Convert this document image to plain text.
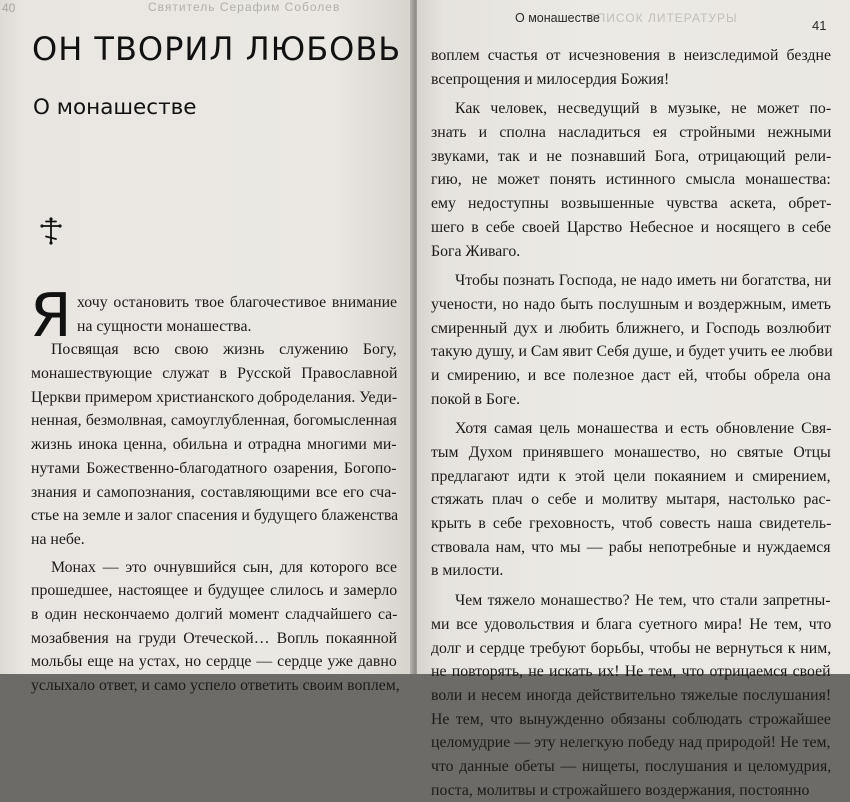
40	Святитель Серафим Соболев
ОН ТВОРИЛ ЛЮБОВЬ
О монашестве
Я хочу остановить твое благочестивое внимание
на сущности монашества.
Посвящая всю свою жизнь служению Богу,
монашествующие служат в Русской Православной
Церкви примером христианского доброделания. Уеди-
ненная, безмолвная, самоуглубленная, богомысленная
жизнь инока ценна, обильна и отрадна многими ми-
нутами Божественно-благодатного озарения, Богопо-
знания и самопознания, составляющими все его сча-
стье на земле и залог спасения и будущего блаженства
на небе.
Монах — это очнувшийся сын, для которого все
прошедшее, настоящее и будущее слилось и замерло
в один нескончаемо долгий момент сладчайшего са-
мозабвения на груди Отеческой… Вопль покаянной
мольбы еще на устах, но сердце — сердце уже давно
услыхало ответ, и само успело ответить своим воплем,

СПИСОК ЛИТЕРАТУРЫ
О монашестве	41

воплем счастья от исчезновения в неизследимой бездне
всепрощения и милосердия Божия!
Как человек, несведущий в музыке, не может по-
знать и сполна насладиться ея стройными нежными
звуками, так и не познавший Бога, отрицающий рели-
гию, не может понять истинного смысла монашества:
ему недоступны возвышенные чувства аскета, обрет-
шего в себе своей Царство Небесное и носящего в себе
Бога Живаго.
Чтобы познать Господа, не надо иметь ни богатства, ни
учености, но надо быть послушным и воздержным, иметь
смиренный дух и любить ближнего, и Господь возлюбит
такую душу, и Сам явит Себя душе, и будет учить ее любви
и смирению, и все полезное даст ей, чтобы обрела она
покой в Боге.
Хотя самая цель монашества и есть обновление Свя-
тым Духом принявшего монашество, но святые Отцы
предлагают идти к этой цели покаянием и смирением,
стяжать плач о себе и молитву мытаря, настолько рас-
крыть в себе греховность, чтоб совесть наша свидетель-
ствовала нам, что мы — рабы непотребные и нуждаемся
в милости.
Чем тяжело монашество? Не тем, что стали запретны-
ми все удовольствия и блага суетного мира! Не тем, что
долг и сердце требуют борьбы, чтобы не вернуться к ним,
не повторять, не искать их! Не тем, что отрицаемся своей
воли и несем иногда действительно тяжелые послушания!
Не тем, что вынужденно обязаны соблюдать строжайшее
целомудрие — эту нелегкую победу над природой! Не тем,
что данные обеты — нищеты, послушания и целомудрия,
поста, молитвы и строжайшего воздержания, постоянно
